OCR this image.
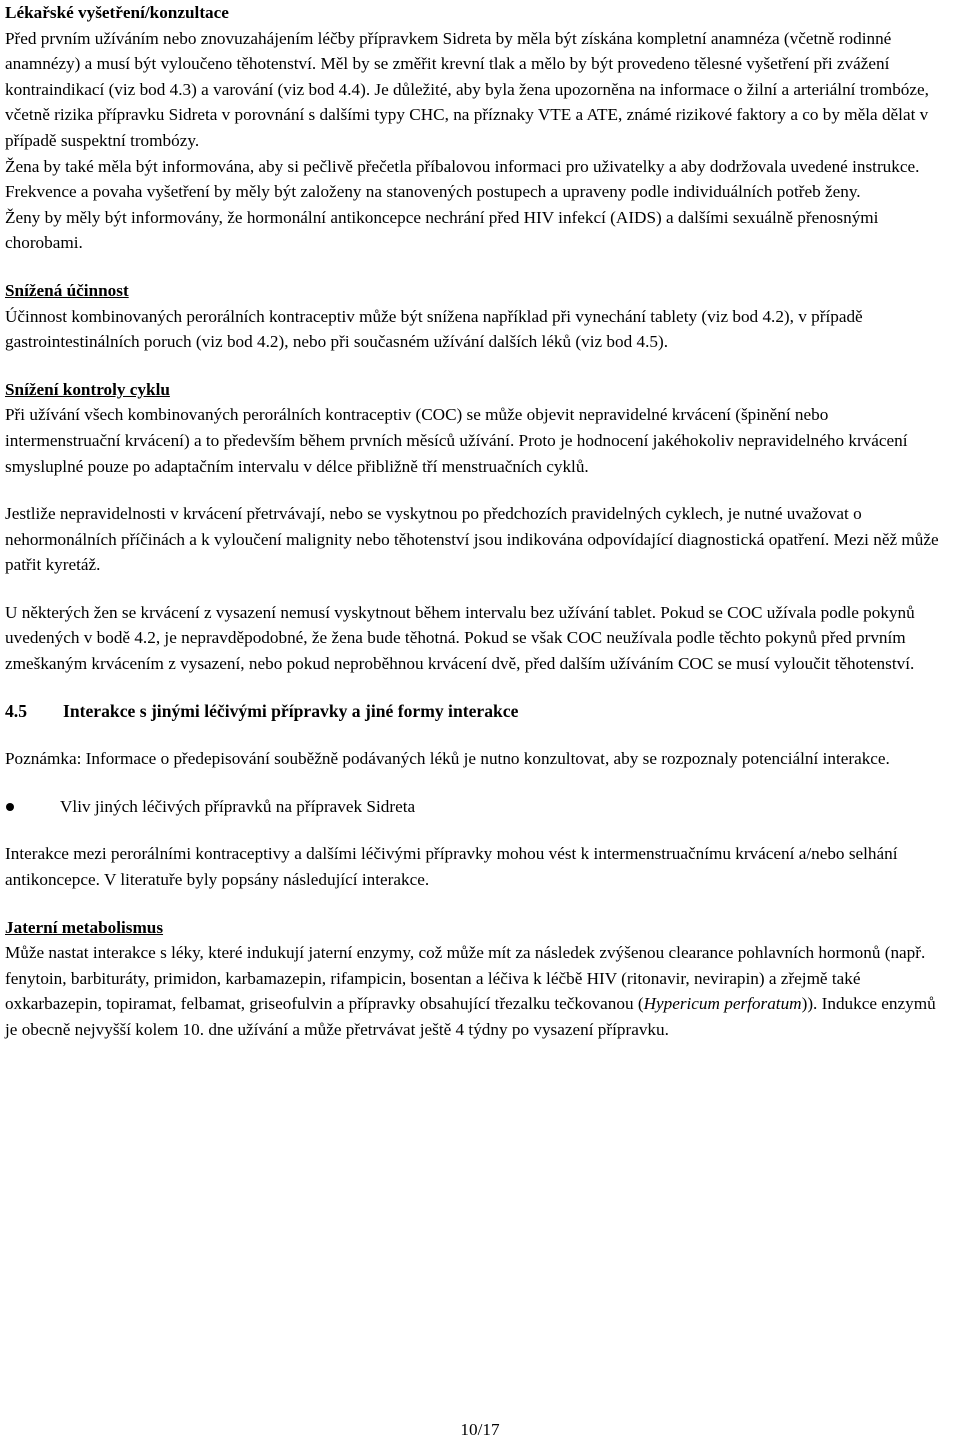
Lékařské vyšetření/konzultace

Před prvním užíváním nebo znovuzahájením léčby přípravkem Sidreta by měla být získána kompletní anamnéza (včetně rodinné anamnézy) a musí být vyloučeno těhotenství. Měl by se změřit krevní tlak a mělo by být provedeno tělesné vyšetření při zvážení kontraindikací (viz bod 4.3) a varování (viz bod 4.4). Je důležité, aby byla žena upozorněna na informace o žilní a arteriální trombóze, včetně rizika přípravku Sidreta v porovnání s dalšími typy CHC, na příznaky VTE a ATE, známé rizikové faktory a co by měla dělat v případě suspektní trombózy.

Žena by také měla být informována, aby si pečlivě přečetla příbalovou informaci pro uživatelky a aby dodržovala uvedené instrukce. Frekvence a povaha vyšetření by měly být založeny na stanovených postupech a upraveny podle individuálních potřeb ženy.

Ženy by měly být informovány, že hormonální antikoncepce nechrání před HIV infekcí (AIDS) a dalšími sexuálně přenosnými chorobami.

Snížená účinnost

Účinnost kombinovaných perorálních kontraceptiv může být snížena například při vynechání tablety (viz bod 4.2), v případě gastrointestinálních poruch (viz bod 4.2), nebo při současném užívání dalších léků (viz bod 4.5).

Snížení kontroly cyklu

Při užívání všech kombinovaných perorálních kontraceptiv (COC) se může objevit nepravidelné krvácení (špinění nebo intermenstruační krvácení) a to především během prvních měsíců užívání. Proto je hodnocení jakéhokoliv nepravidelného krvácení smysluplné pouze po adaptačním intervalu v délce přibližně tří menstruačních cyklů.

Jestliže nepravidelnosti v krvácení přetrvávají, nebo se vyskytnou po předchozích pravidelných cyklech, je nutné uvažovat o nehormonálních příčinách a k vyloučení malignity nebo těhotenství jsou indikována odpovídající diagnostická opatření. Mezi něž může patřit kyretáž.

U některých žen se krvácení z vysazení nemusí vyskytnout během intervalu bez užívání tablet. Pokud se COC užívala podle pokynů uvedených v bodě 4.2, je nepravděpodobné, že žena bude těhotná. Pokud se však COC neužívala podle těchto pokynů před prvním zmeškaným krvácením z vysazení, nebo pokud neproběhnou krvácení dvě, před dalším užíváním COC se musí vyloučit těhotenství.

4.5 Interakce s jinými léčivými přípravky a jiné formy interakce

Poznámka: Informace o předepisování souběžně podávaných léků je nutno konzultovat, aby se rozpoznaly potenciální interakce.

Vliv jiných léčivých přípravků na přípravek Sidreta

Interakce mezi perorálními kontraceptivy a dalšími léčivými přípravky mohou vést k intermenstruačnímu krvácení a/nebo selhání antikoncepce. V literatuře byly popsány následující interakce.

Jaterní metabolismus

Může nastat interakce s léky, které indukují jaterní enzymy, což může mít za následek zvýšenou clearance pohlavních hormonů (např. fenytoin, barbituráty, primidon, karbamazepin, rifampicin, bosentan a léčiva k léčbě HIV (ritonavir, nevirapin) a zřejmě také oxkarbazepin, topiramat, felbamat, griseofulvin a přípravky obsahující třezalku tečkovanou (Hypericum perforatum)). Indukce enzymů je obecně nejvyšší kolem 10. dne užívání a může přetrvávat ještě 4 týdny po vysazení přípravku.

10/17
